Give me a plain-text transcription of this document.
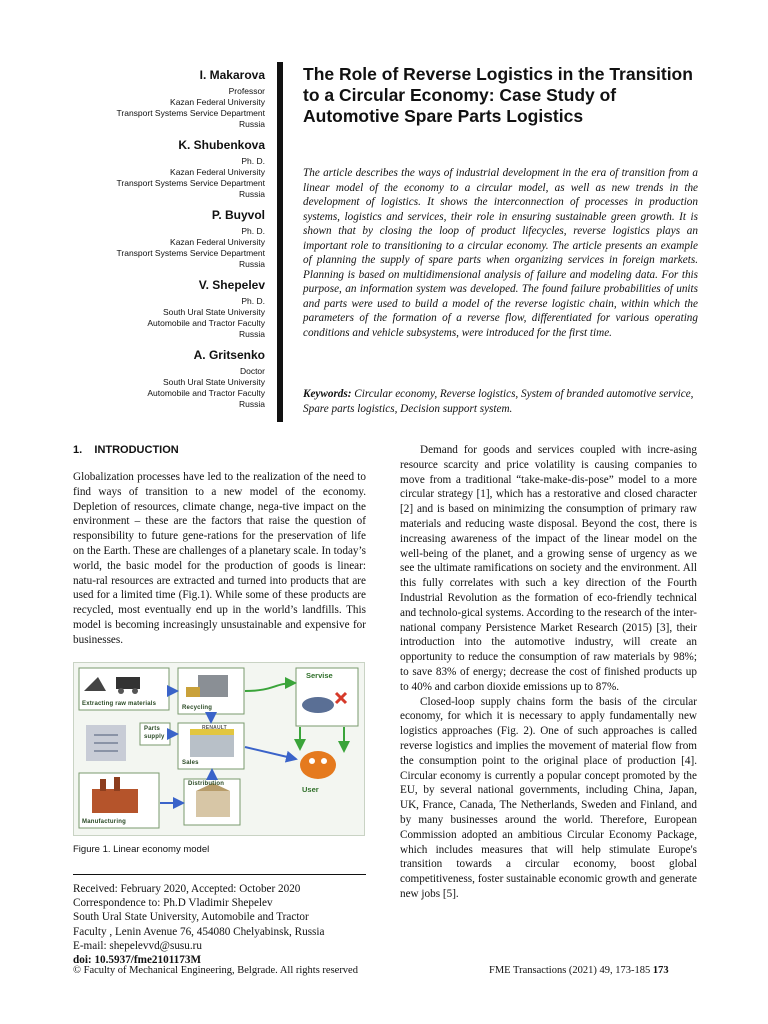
I. Makarova
Professor
Kazan Federal University
Transport Systems Service Department
Russia
K. Shubenkova
Ph. D.
Kazan Federal University
Transport Systems Service Department
Russia
P. Buyvol
Ph. D.
Kazan Federal University
Transport Systems Service Department
Russia
V. Shepelev
Ph. D.
South Ural State University
Automobile and Tractor Faculty
Russia
A. Gritsenko
Doctor
South Ural State University
Automobile and Tractor Faculty
Russia
The Role of Reverse Logistics in the Transition to a Circular Economy: Case Study of Automotive Spare Parts Logistics
The article describes the ways of industrial development in the era of transition from a linear model of the economy to a circular model, as well as new trends in the development of logistics. It shows the interconnection of processes in production systems, logistics and services, their role in ensuring sustainable green growth. It is shown that by closing the loop of product lifecycles, reverse logistics plays an important role to transitioning to a circular economy. The article presents an example of planning the supply of spare parts when organizing services in foreign markets. Planning is based on multidimensional analysis of failure and modeling data. For this purpose, an information system was developed. The found failure probabilities of units and parts were used to build a model of the reverse logistic chain, within which the parameters of the formation of a reverse flow, differentiated for various operating conditions and vehicle subsystems, were introduced for the first time.
Keywords: Circular economy, Reverse logistics, System of branded automotive service, Spare parts logistics, Decision support system.
1.    INTRODUCTION

Globalization processes have led to the realization of the need to find ways of transition to a new model of the economy. Depletion of resources, climate change, nega-tive impact on the environment – these are the factors that raise the question of responsibility to future gene-rations for the preservation of life on the Earth. These are challenges of a planetary scale. In today’s world, the basic model for the production of goods is linear: natu-ral resources are extracted and turned into products that are used for a limited time (Fig.1). While some of these products are recycled, most eventually end up in the world’s landfills. This model is becoming increasingly unsustainable and expensive for businesses.

Extracting raw materials
Recycling
Parts
supply
Sales
Distribution
Manufacturing
RENAULT
Servise
User
Figure 1. Linear economy model
Received: February 2020, Accepted: October 2020
Correspondence to: Ph.D Vladimir Shepelev
South Ural State University, Automobile and Tractor
Faculty , Lenin Avenue 76, 454080 Chelyabinsk, Russia
E-mail: shepelevvd@susu.ru
doi: 10.5937/fme2101173M

Demand for goods and services coupled with incre-asing resource scarcity and price volatility is causing companies to move from a traditional “take-make-dis-pose” model to a more circular strategy [1], which has a restorative and closed character [2] and is based on minimizing the consumption of primary raw materials and reducing waste disposal. Beyond the cost, there is increasing awareness of the impact of the linear model on the well-being of the planet, and a growing sense of urgency as we see the ultimate ramifications on society and the environment. All this fully correlates with such a key direction of the Fourth Industrial Revolution as the formation of eco-friendly technical and technolo-gical systems. According to the research of the inter-national company Persistence Market Research (2015) [3], their introduction into the automotive industry, will create an opportunity to reduce the consumption of raw materials by 98%; to save 83% of energy; decrease the cost of finished products up to 40% and carbon dioxide emissions up to 87%.

Closed-loop supply chains form the basis of the circular economy, for which it is necessary to apply fundamentally new logistics approaches (Fig. 2). One of such approaches is called reverse logistics and implies the movement of material flow from the consumption point to the original place of production [4]. Circular economy is currently a popular concept promoted by the EU, by several national governments, including China, Japan, UK, France, Canada, The Netherlands, Sweden and Finland, and by many businesses around the world. Therefore, European Commission adopted an ambitious Circular Economy Package, which includes measures that will help stimulate Europe's transition towards a circular economy, boost global competitiveness, foster sustainable economic growth and generate new jobs [5].

© Faculty of Mechanical Engineering, Belgrade. All rights reserved	FME Transactions (2021) 49, 173-185 173
